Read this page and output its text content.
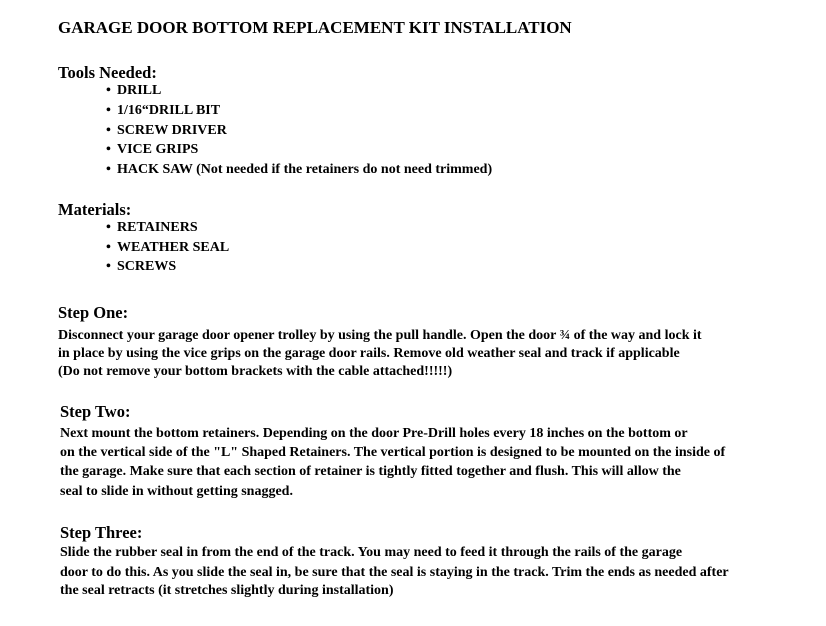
GARAGE DOOR BOTTOM REPLACEMENT KIT INSTALLATION
Tools Needed:
• DRILL
• 1/16“DRILL BIT
• SCREW DRIVER
• VICE GRIPS
• HACK SAW (Not needed if the retainers do not need trimmed)
Materials:
• RETAINERS
• WEATHER SEAL
• SCREWS
Step One:
Disconnect your garage door opener trolley by using the pull handle. Open the door ¾ of the way and lock it
in place by using the vice grips on the garage door rails. Remove old weather seal and track if applicable
(Do not remove your bottom brackets with the cable attached!!!!!)
Step Two:
Next mount the bottom retainers. Depending on the door Pre-Drill holes every 18 inches on the bottom or
on the vertical side of the "L" Shaped Retainers. The vertical portion is designed to be mounted on the inside of
the garage. Make sure that each section of retainer is tightly fitted together and flush. This will allow the
seal to slide in without getting snagged.
Step Three:
Slide the rubber seal in from the end of the track. You may need to feed it through the rails of the garage
door to do this. As you slide the seal in, be sure that the seal is staying in the track. Trim the ends as needed after
the seal retracts (it stretches slightly during installation)
